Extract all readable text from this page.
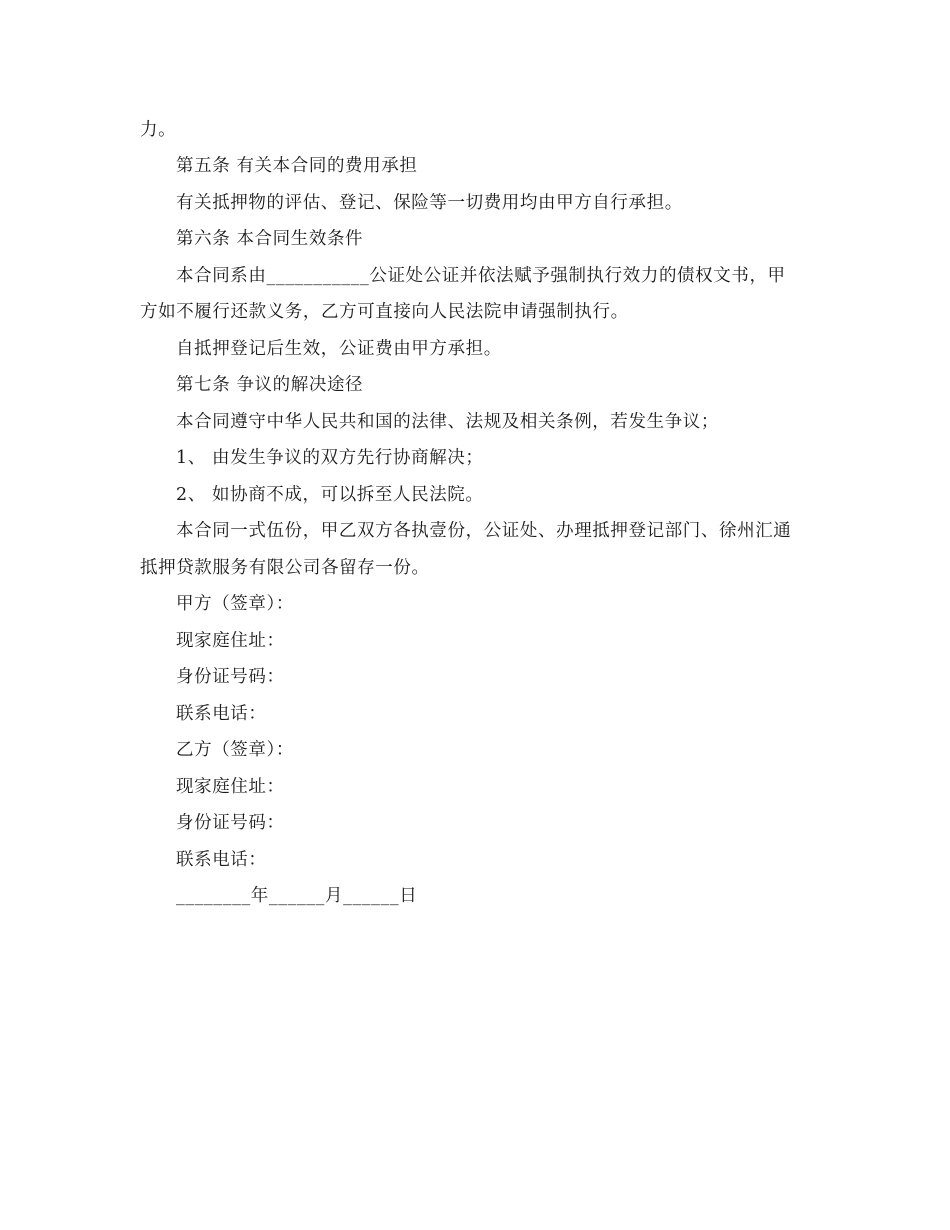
力。
第五条 有关本合同的费用承担
有关抵押物的评估、登记、保险等一切费用均由甲方自行承担。
第六条 本合同生效条件
本合同系由___________公证处公证并依法赋予强制执行效力的债权文书，甲
方如不履行还款义务，乙方可直接向人民法院申请强制执行。
自抵押登记后生效，公证费由甲方承担。
第七条 争议的解决途径
本合同遵守中华人民共和国的法律、法规及相关条例，若发生争议；
1、 由发生争议的双方先行协商解决；
2、 如协商不成，可以拆至人民法院。
本合同一式伍份，甲乙双方各执壹份，公证处、办理抵押登记部门、徐州汇通
抵押贷款服务有限公司各留存一份。
甲方（签章）：
现家庭住址：
身份证号码：
联系电话：
乙方（签章）：
现家庭住址：
身份证号码：
联系电话：
________年______月______日
